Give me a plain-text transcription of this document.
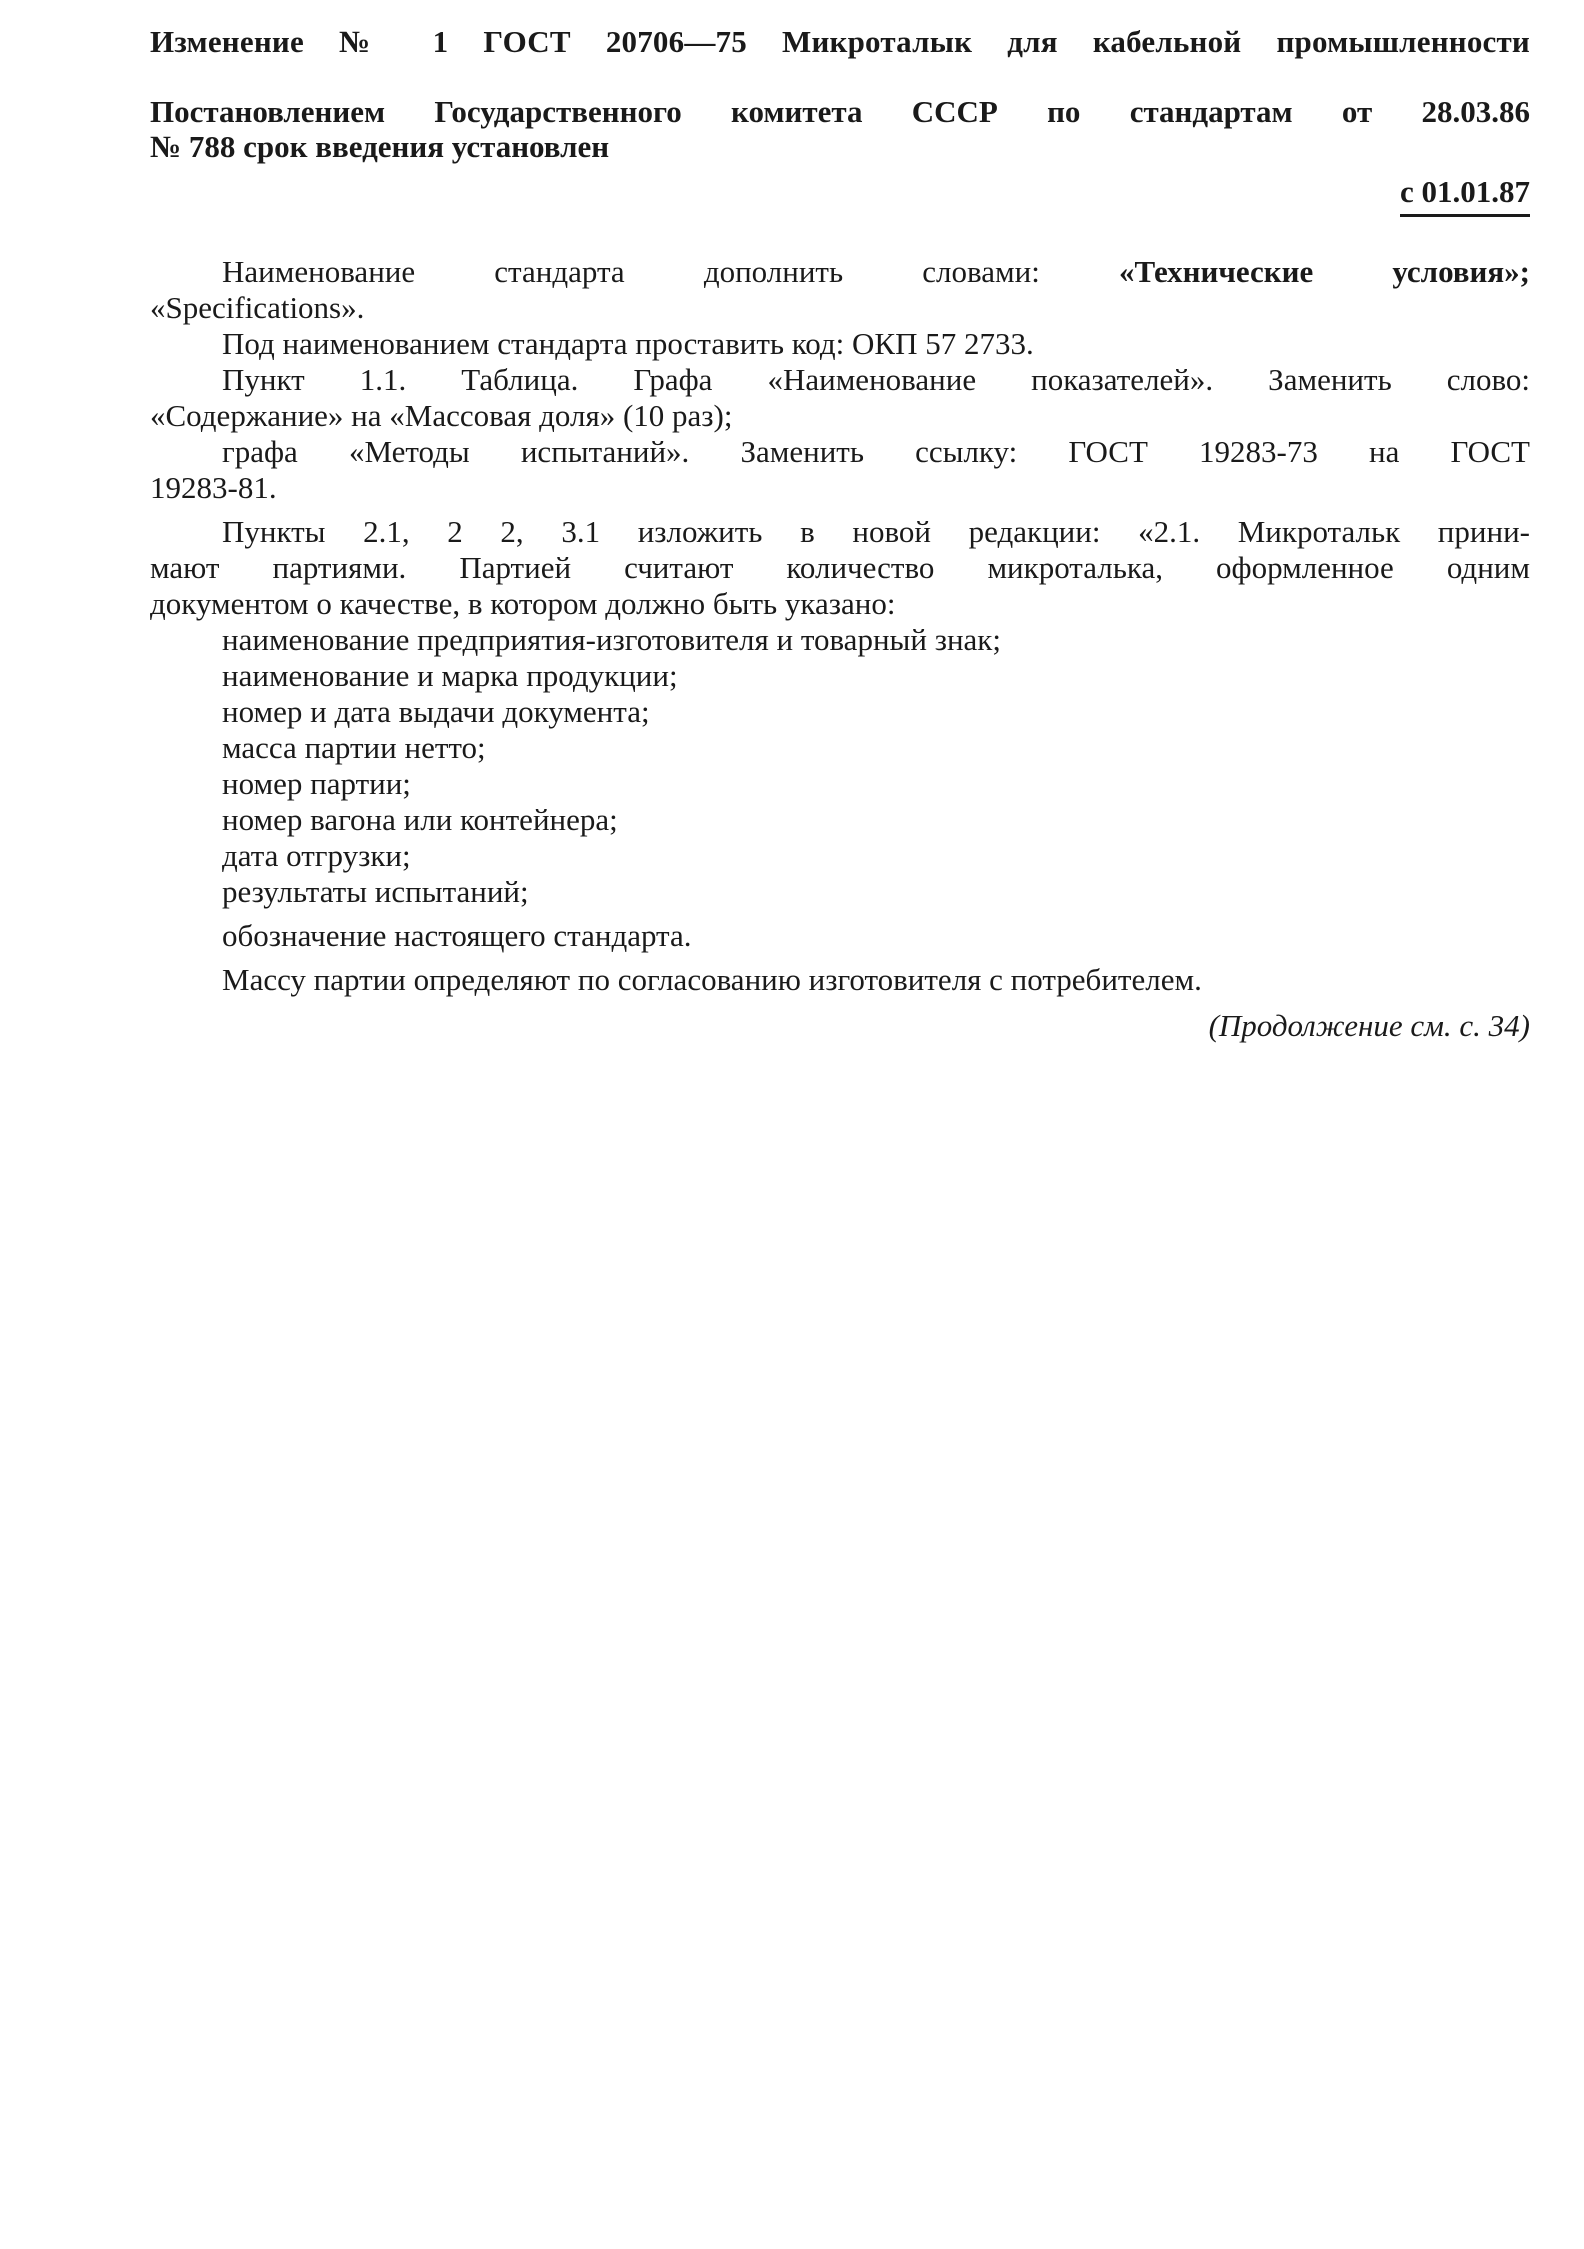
Изменение № 1 ГОСТ 20706—75 Микроталык для кабельной промышленности
Постановлением Государственного комитета СССР по стандартам от 28.03.86
№ 788 срок введения установлен
с 01.01.87
Наименование стандарта дополнить словами:	«Технические условия»;
«Specifications».
Под наименованием стандарта проставить код: ОКП 57 2733.
Пункт 1.1. Таблица. Графа «Наименование показателей». Заменить слово:
«Содержание» на «Массовая доля» (10 раз);
графа «Методы испытаний». Заменить ссылку: ГОСТ 19283-73 на ГОСТ
19283-81.
Пункты 2.1, 2 2, 3.1 изложить в новой редакции: «2.1. Микротальк прини-
мают партиями. Партией считают количество микроталька, оформленное одним
документом о качестве, в котором должно быть указано:
наименование предприятия-изготовителя и товарный знак;
наименование и марка продукции;
номер и дата выдачи документа;
масса партии нетто;
номер партии;
номер вагона или контейнера;
дата отгрузки;
результаты испытаний;
обозначение настоящего стандарта.
Массу партии определяют по согласованию изготовителя с потребителем.
(Продолжение см. с. 34)
